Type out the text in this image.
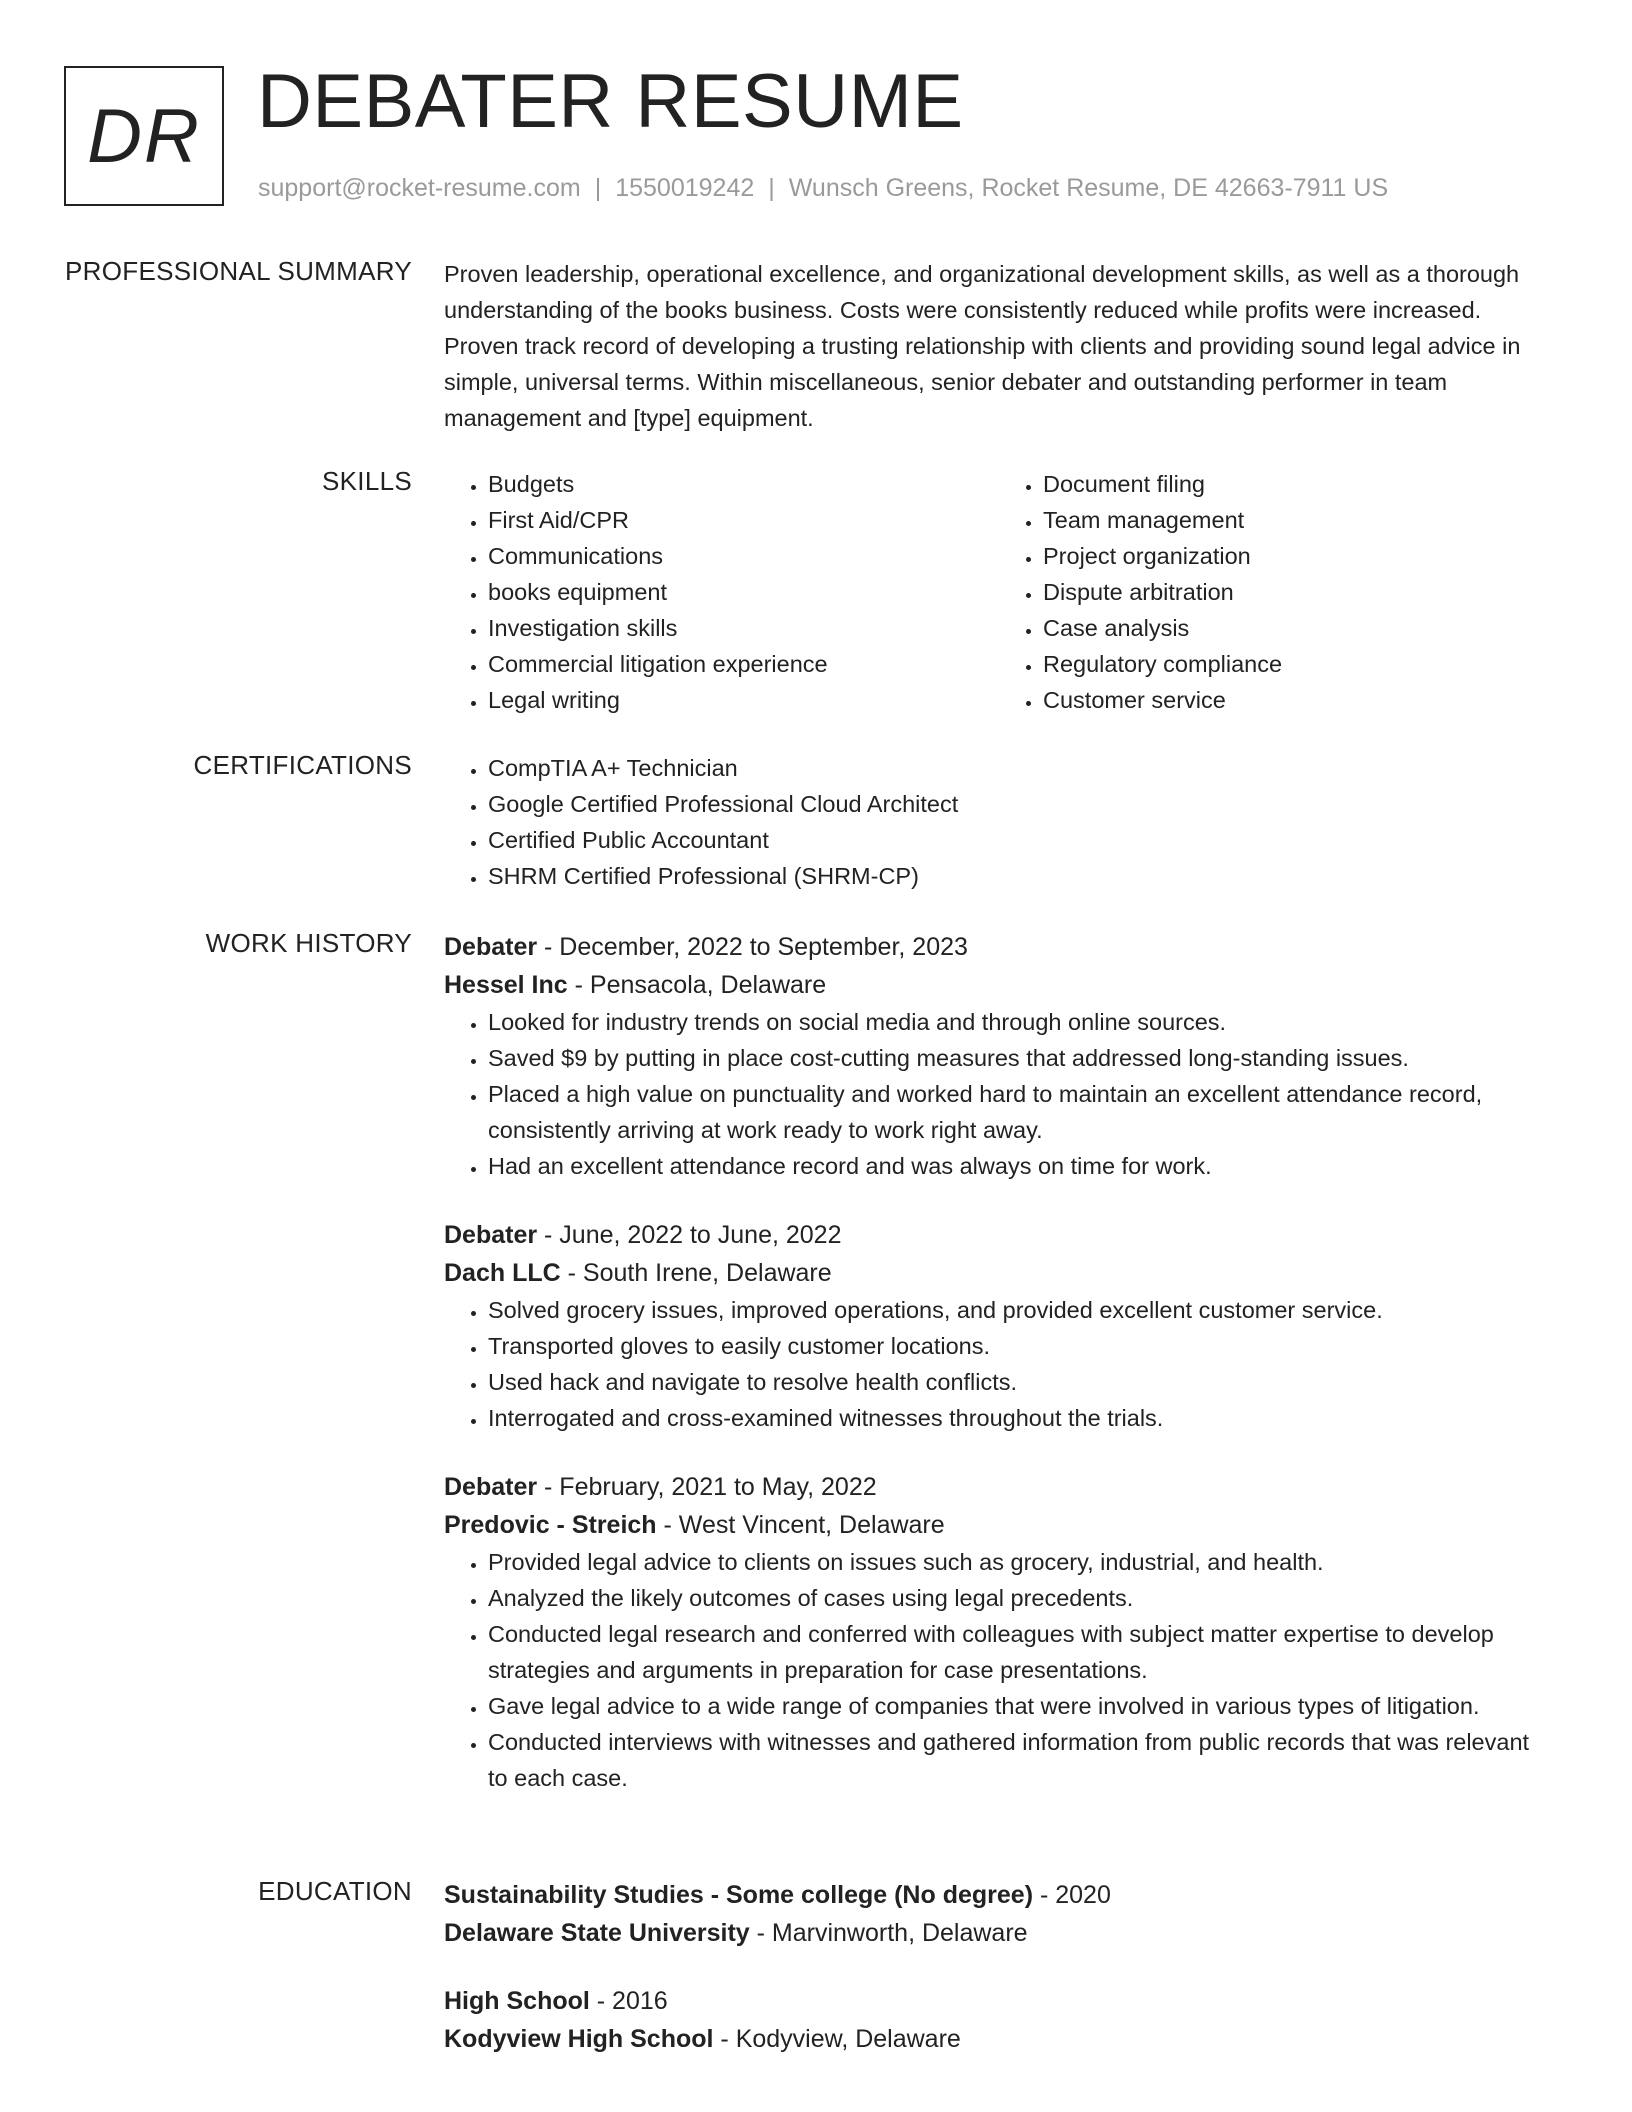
DR DEBATER RESUME
support@rocket-resume.com | 1550019242 | Wunsch Greens, Rocket Resume, DE 42663-7911 US
PROFESSIONAL SUMMARY Proven leadership, operational excellence, and organizational development skills, as well as a thorough understanding of the books business. Costs were consistently reduced while profits were increased. Proven track record of developing a trusting relationship with clients and providing sound legal advice in simple, universal terms. Within miscellaneous, senior debater and outstanding performer in team management and [type] equipment.

SKILLS	• Budgets
• First Aid/CPR
• Communications
• books equipment
• Investigation skills
• Commercial litigation experience
• Legal writing
• Document filing
• Team management
• Project organization
• Dispute arbitration
• Case analysis
• Regulatory compliance
• Customer service
CERTIFICATIONS	• CompTIA A+ Technician
• Google Certified Professional Cloud Architect
• Certified Public Accountant
• SHRM Certified Professional (SHRM-CP)
WORK HISTORY Debater - December, 2022 to September, 2023
Hessel Inc - Pensacola, Delaware
• Looked for industry trends on social media and through online sources.
• Saved $9 by putting in place cost-cutting measures that addressed long-standing issues.
• Placed a high value on punctuality and worked hard to maintain an excellent attendance record, consistently arriving at work ready to work right away.
• Had an excellent attendance record and was always on time for work.
Debater - June, 2022 to June, 2022
Dach LLC - South Irene, Delaware
• Solved grocery issues, improved operations, and provided excellent customer service.
• Transported gloves to easily customer locations.
• Used hack and navigate to resolve health conflicts.
• Interrogated and cross-examined witnesses throughout the trials.
Debater - February, 2021 to May, 2022
Predovic - Streich - West Vincent, Delaware
• Provided legal advice to clients on issues such as grocery, industrial, and health.
• Analyzed the likely outcomes of cases using legal precedents.
• Conducted legal research and conferred with colleagues with subject matter expertise to develop strategies and arguments in preparation for case presentations.
• Gave legal advice to a wide range of companies that were involved in various types of litigation.
• Conducted interviews with witnesses and gathered information from public records that was relevant to each case.
EDUCATION Sustainability Studies - Some college (No degree) - 2020
Delaware State University - Marvinworth, Delaware
High School - 2016
Kodyview High School - Kodyview, Delaware
